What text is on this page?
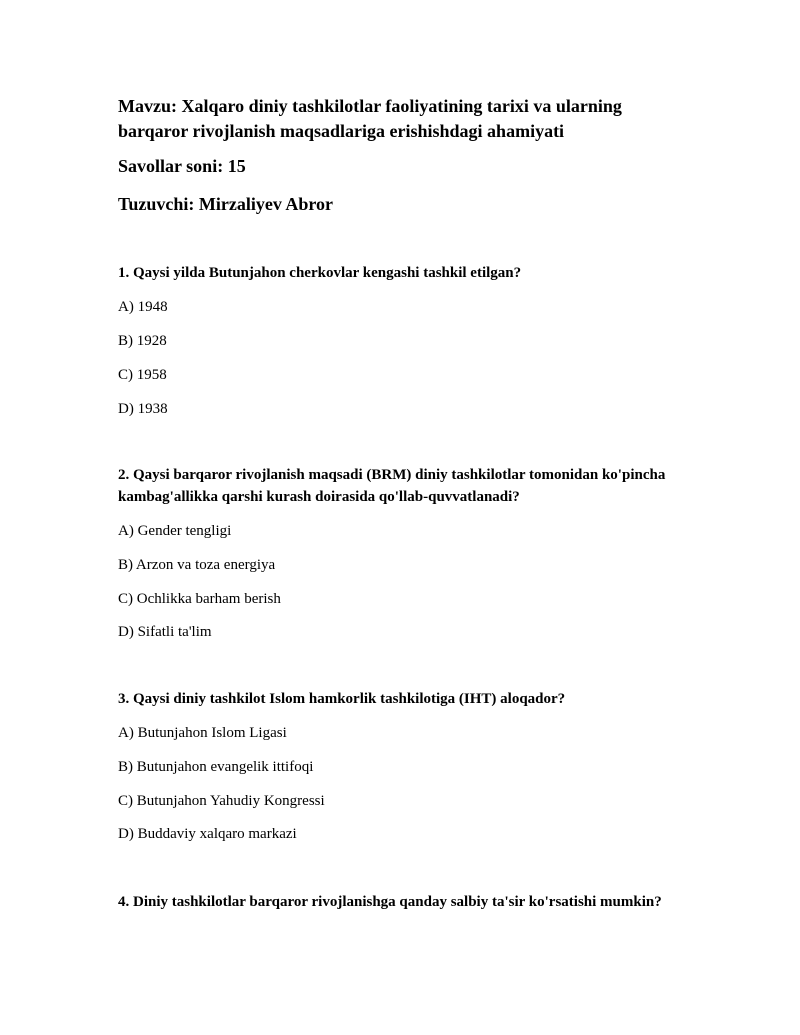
Mavzu: Xalqaro diniy tashkilotlar faoliyatining tarixi va ularning barqaror rivojlanish maqsadlariga erishishdagi ahamiyati

Savollar soni: 15

Tuzuvchi: Mirzaliyev Abror

1. Qaysi yilda Butunjahon cherkovlar kengashi tashkil etilgan?

A) 1948

B) 1928

C) 1958

D) 1938

2. Qaysi barqaror rivojlanish maqsadi (BRM) diniy tashkilotlar tomonidan ko'pincha kambag'allikka qarshi kurash doirasida qo'llab-quvvatlanadi?

A) Gender tengligi

B) Arzon va toza energiya

C) Ochlikka barham berish

D) Sifatli ta'lim

3. Qaysi diniy tashkilot Islom hamkorlik tashkilotiga (IHT) aloqador?

A) Butunjahon Islom Ligasi

B) Butunjahon evangelik ittifoqi

C) Butunjahon Yahudiy Kongressi

D) Buddaviy xalqaro markazi

4. Diniy tashkilotlar barqaror rivojlanishga qanday salbiy ta'sir ko'rsatishi mumkin?
